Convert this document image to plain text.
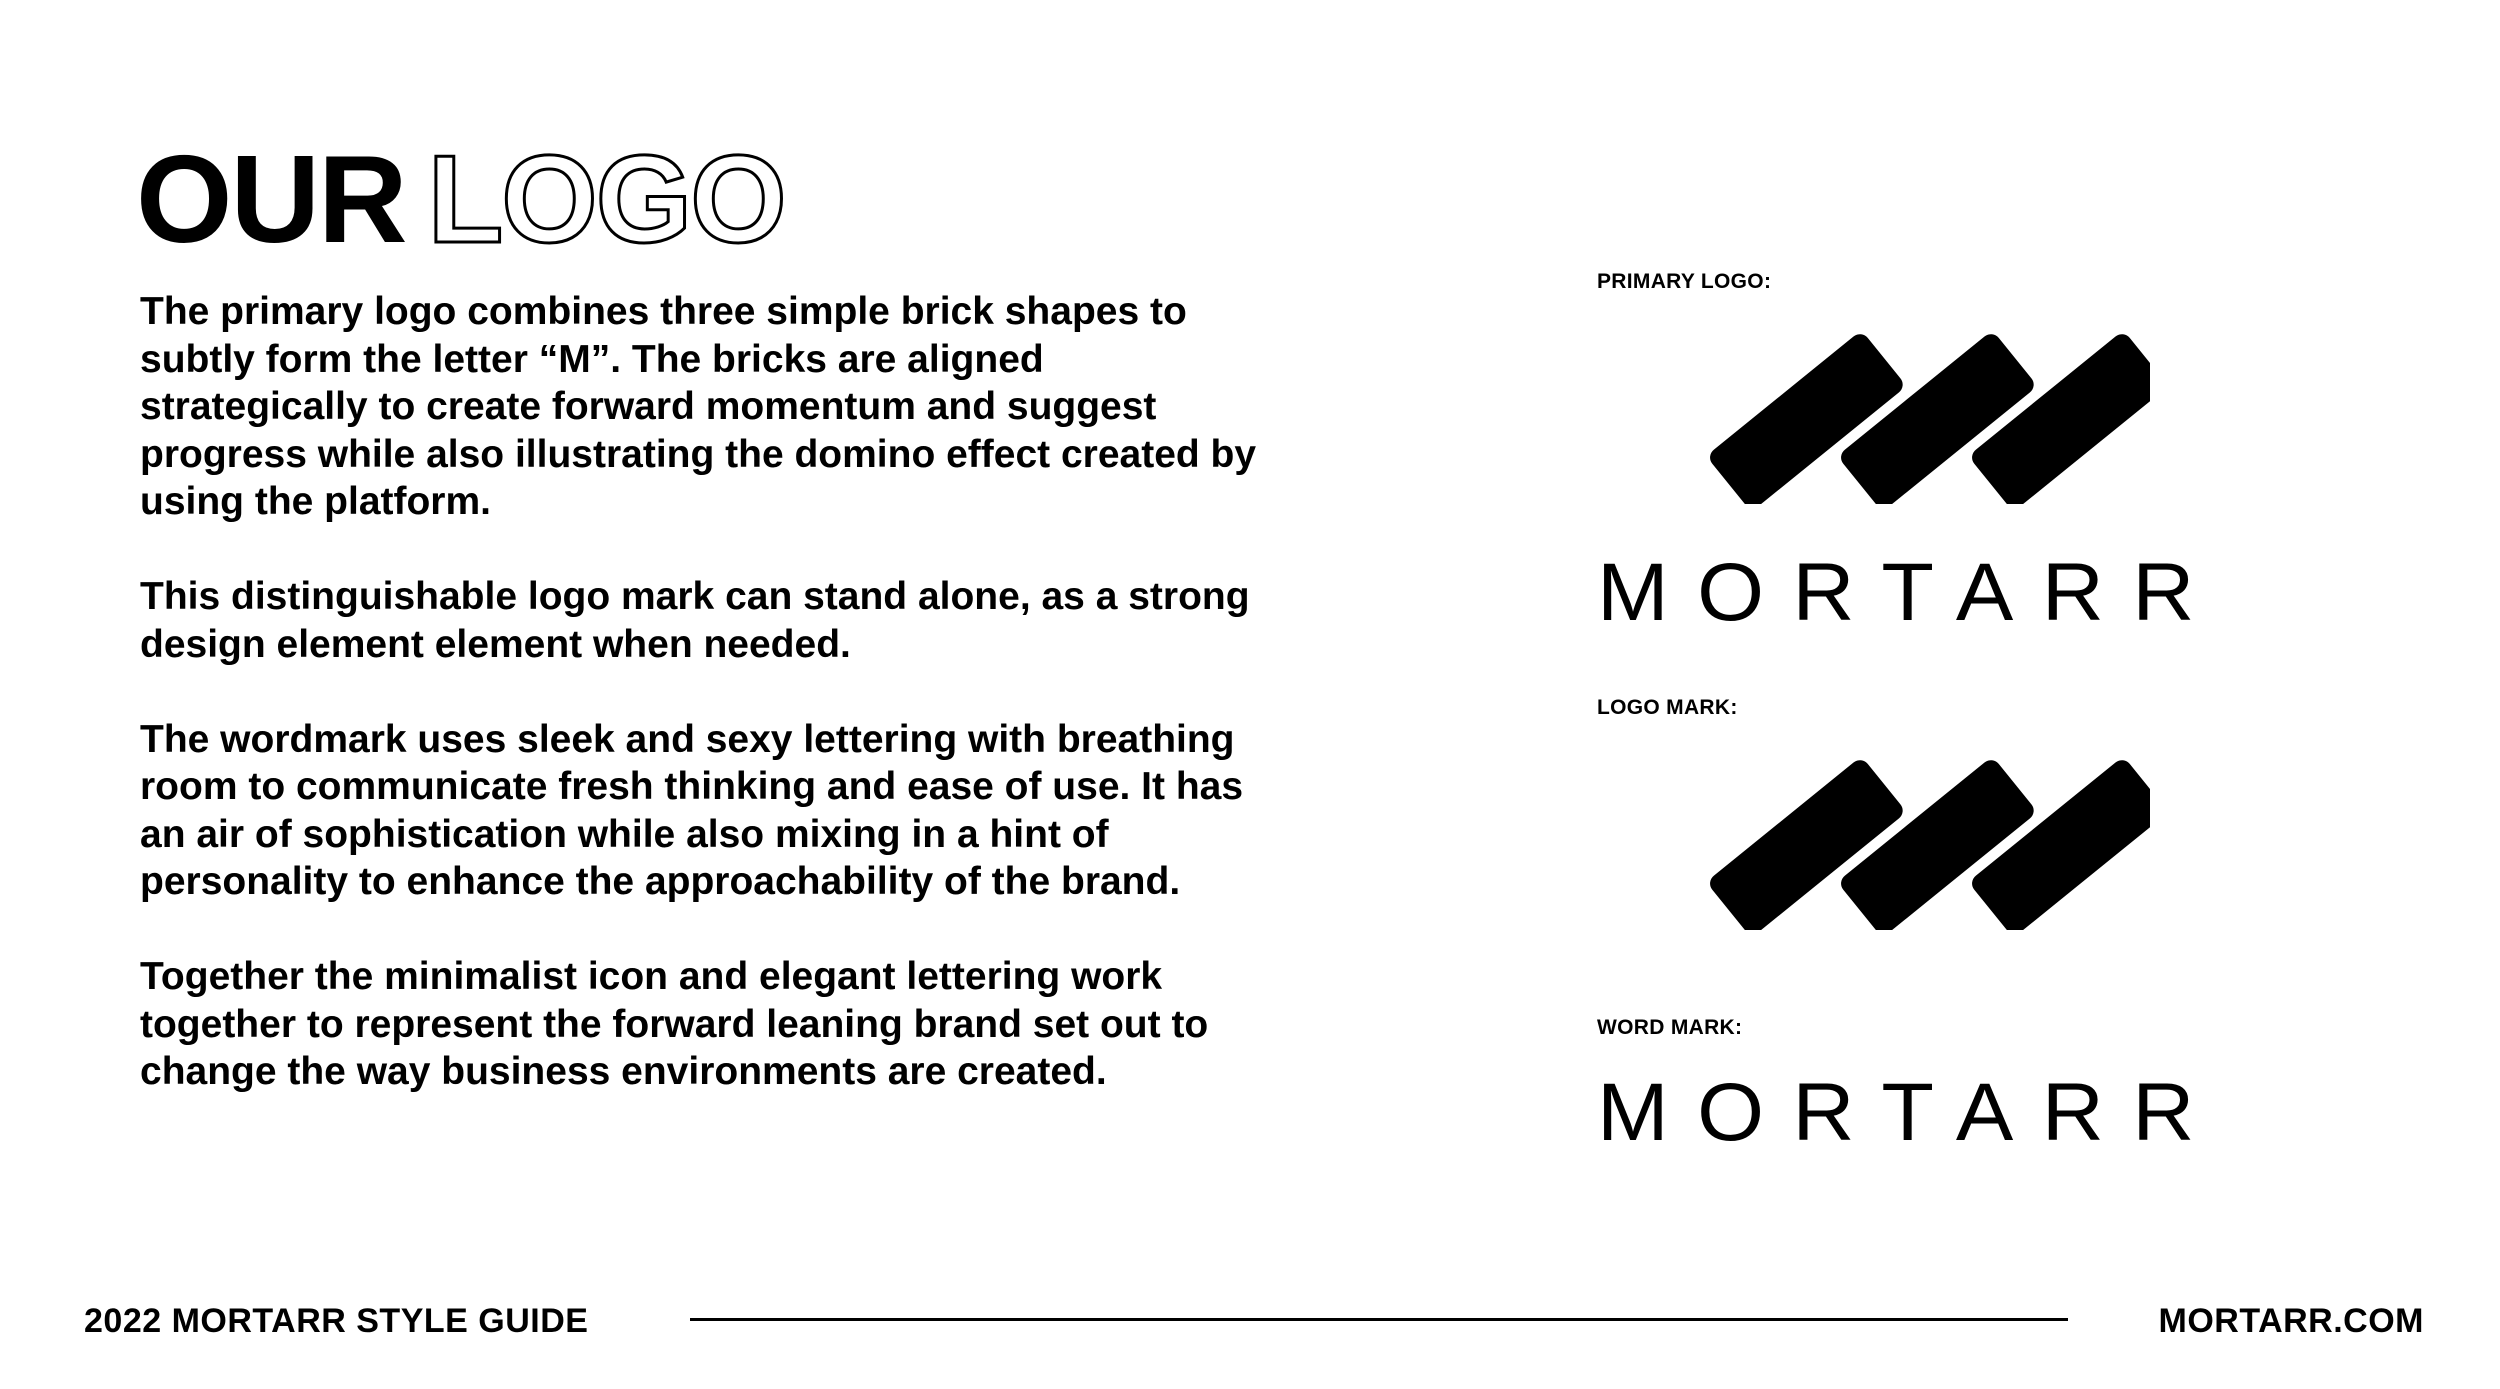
OUR LOGO

The primary logo combines three simple brick shapes to
subtly form the letter “M”. The bricks are aligned
strategically to create forward momentum and suggest
progress while also illustrating the domino effect created by
using the platform.

This distinguishable logo mark can stand alone, as a strong
design element element when needed.

The wordmark uses sleek and sexy lettering with breathing
room to communicate fresh thinking and ease of use. It has
an air of sophistication while also mixing in a hint of
personality to enhance the approachability of the brand.

Together the minimalist icon and elegant lettering work
together to represent the forward leaning brand set out to
change the way business environments are created.

PRIMARY LOGO:
MORTARR
LOGO MARK:
WORD MARK:
MORTARR
2022 MORTARR STYLE GUIDE	MORTARR.COM
